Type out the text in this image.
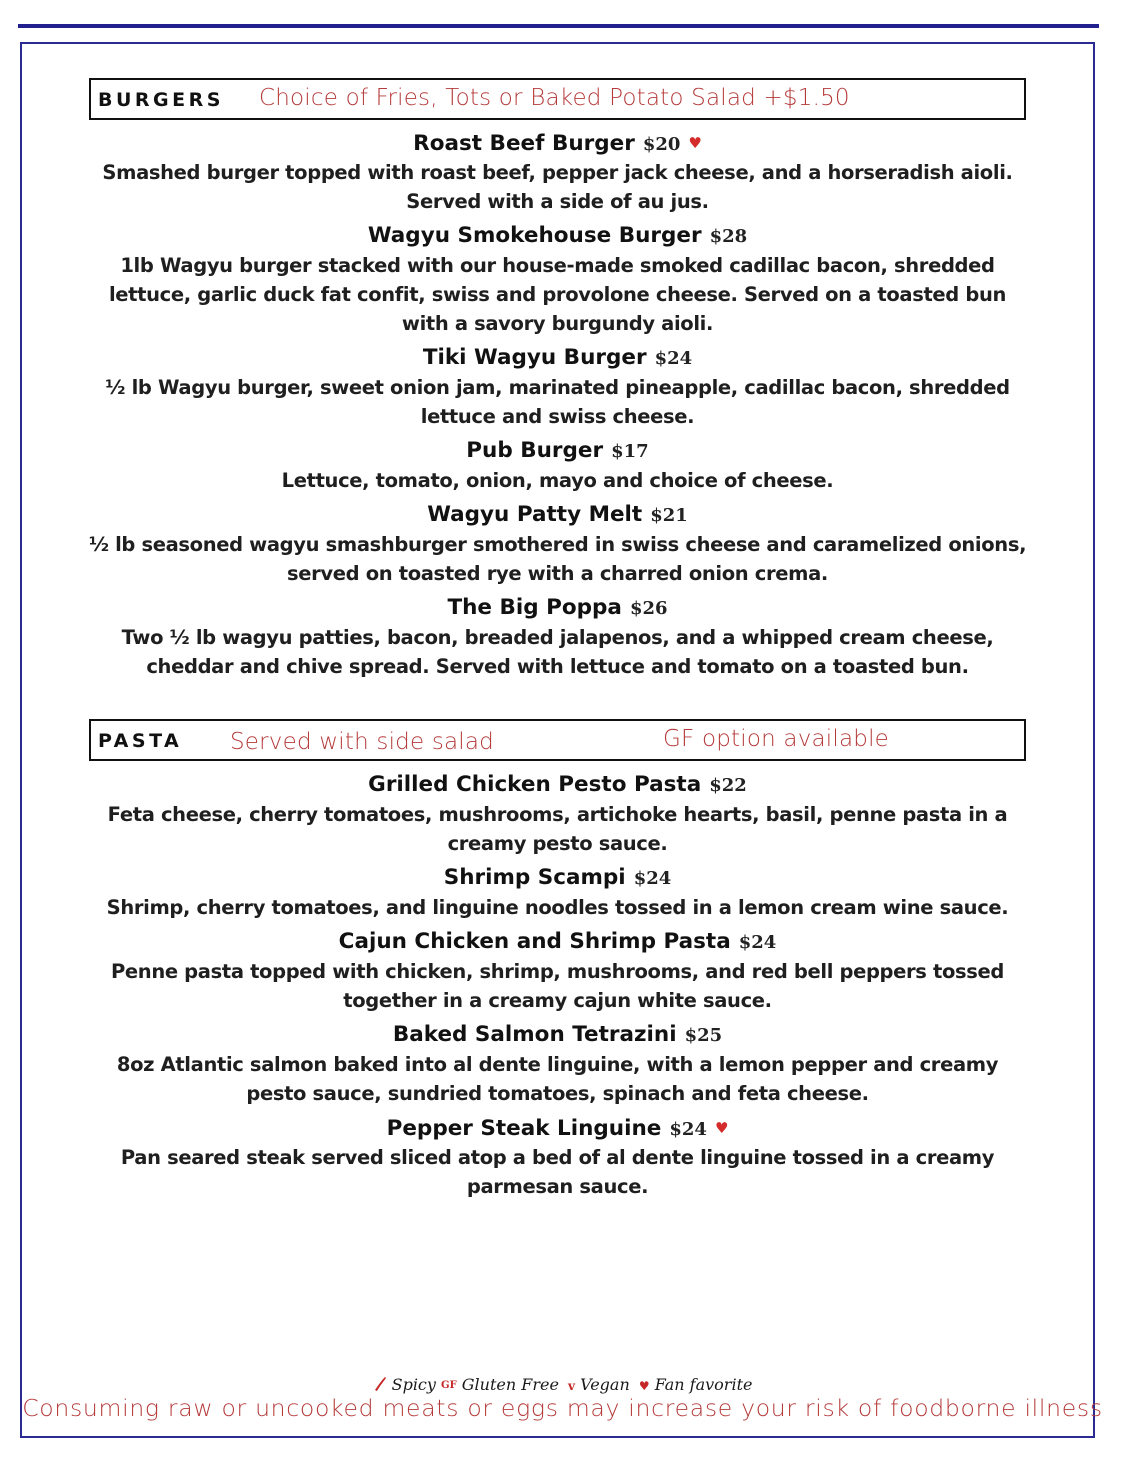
BURGERS Choice of Fries, Tots or Baked Potato Salad +$1.50
Roast Beef Burger $20 ♥
Smashed burger topped with roast beef, pepper jack cheese, and a horseradish aioli.
Served with a side of au jus.
Wagyu Smokehouse Burger $28
1lb Wagyu burger stacked with our house-made smoked cadillac bacon, shredded
lettuce, garlic duck fat confit, swiss and provolone cheese. Served on a toasted bun
with a savory burgundy aioli.
Tiki Wagyu Burger $24
½ lb Wagyu burger, sweet onion jam, marinated pineapple, cadillac bacon, shredded
lettuce and swiss cheese.
Pub Burger $17
Lettuce, tomato, onion, mayo and choice of cheese.
Wagyu Patty Melt $21
½ lb seasoned wagyu smashburger smothered in swiss cheese and caramelized onions,
served on toasted rye with a charred onion crema.
The Big Poppa $26
Two ½ lb wagyu patties, bacon, breaded jalapenos, and a whipped cream cheese,
cheddar and chive spread. Served with lettuce and tomato on a toasted bun.
PASTA Served with side salad	GF option available
Grilled Chicken Pesto Pasta $22
Feta cheese, cherry tomatoes, mushrooms, artichoke hearts, basil, penne pasta in a
creamy pesto sauce.
Shrimp Scampi $24
Shrimp, cherry tomatoes, and linguine noodles tossed in a lemon cream wine sauce.
Cajun Chicken and Shrimp Pasta $24
Penne pasta topped with chicken, shrimp, mushrooms, and red bell peppers tossed
together in a creamy cajun white sauce.
Baked Salmon Tetrazini $25
8oz Atlantic salmon baked into al dente linguine, with a lemon pepper and creamy
pesto sauce, sundried tomatoes, spinach and feta cheese.
Pepper Steak Linguine $24 ♥
Pan seared steak served sliced atop a bed of al dente linguine tossed in a creamy
parmesan sauce.
Spicy GF Gluten Free v Vegan ♥ Fan favorite
Consuming raw or uncooked meats or eggs may increase your risk of foodborne illness
